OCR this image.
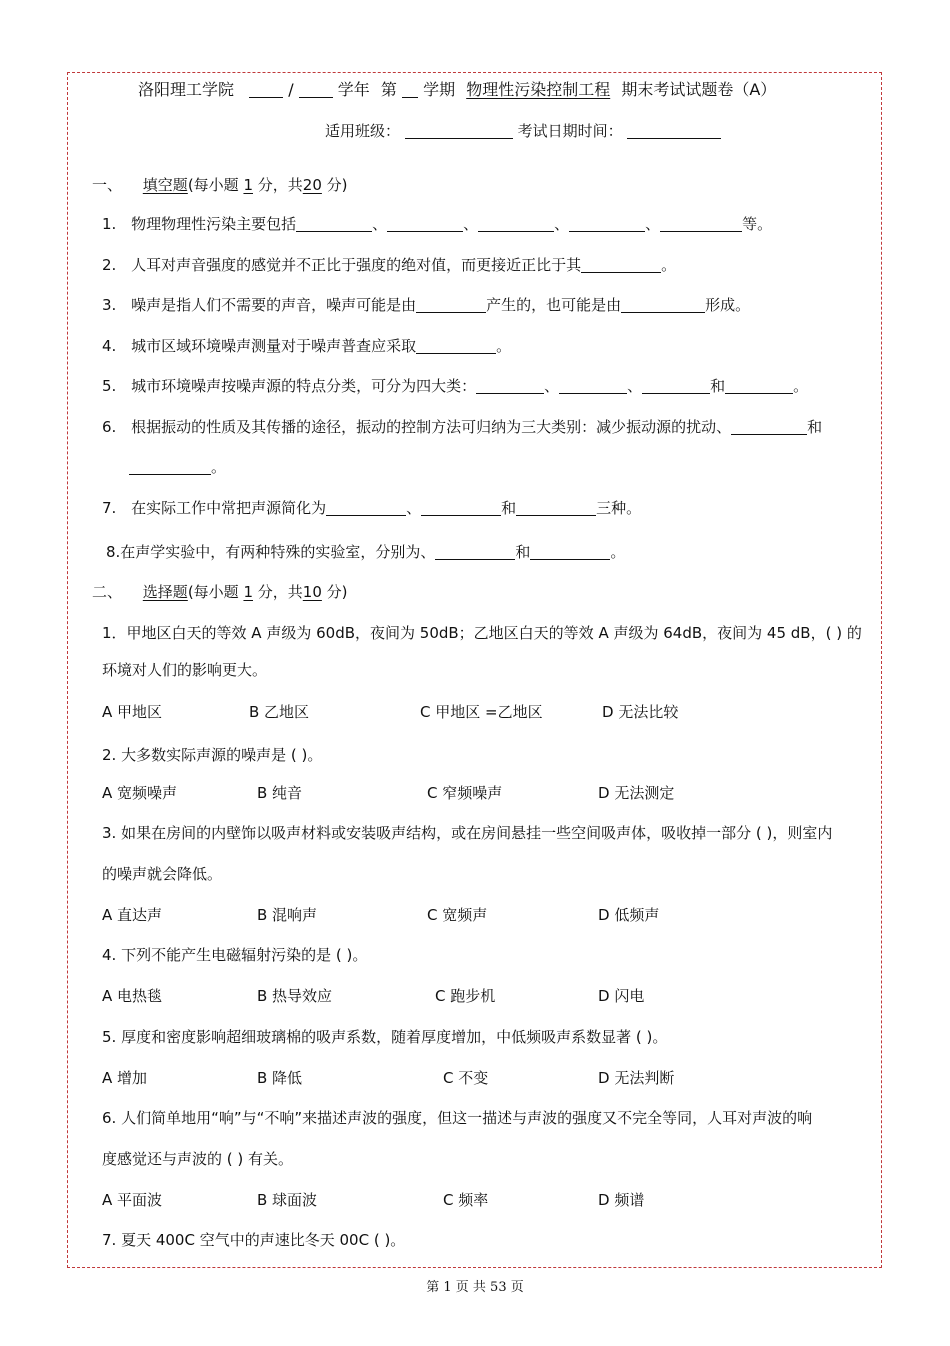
洛阳理工学院	/	学年 第 学期 物理性污染控制工程 期末考试试题卷（A）
适用班级：	考试日期时间：
一、 填空题(每小题 1 分，共20 分)
1. 物理物理性污染主要包括	、	、	、	、	等。
2. 人耳对声音强度的感觉并不正比于强度的绝对值，而更接近正比于其	。
3. 噪声是指人们不需要的声音，噪声可能是由	产生的，也可能是由	形成。
4. 城市区域环境噪声测量对于噪声普查应采取	。
5. 城市环境噪声按噪声源的特点分类，可分为四大类：	、	、	和	。
6. 根据振动的性质及其传播的途径，振动的控制方法可归纳为三大类别：减少振动源的扰动、	和
。
7. 在实际工作中常把声源简化为	、	和	三种。
8.在声学实验中，有两种特殊的实验室，分别为、	和	。
二、 选择题(每小题 1 分，共10 分)
1．甲地区白天的等效 A 声级为 60dB，夜间为 50dB；乙地区白天的等效 A 声级为 64dB，夜间为 45 dB，( ) 的
环境对人们的影响更大。
A 甲地区	B 乙地区	C 甲地区 =乙地区	D 无法比较
2. 大多数实际声源的噪声是 ( )。
A 宽频噪声	B 纯音	C 窄频噪声	D 无法测定
3. 如果在房间的内壁饰以吸声材料或安装吸声结构，或在房间悬挂一些空间吸声体，吸收掉一部分 ( )，则室内
的噪声就会降低。
A 直达声	B 混响声	C 宽频声	D 低频声
4. 下列不能产生电磁辐射污染的是 ( )。
A 电热毯	B 热导效应	C 跑步机	D 闪电
5. 厚度和密度影响超细玻璃棉的吸声系数，随着厚度增加，中低频吸声系数显著 ( )。
A 增加	B 降低	C 不变	D 无法判断
6. 人们简单地用“响”与“不响”来描述声波的强度，但这一描述与声波的强度又不完全等同，人耳对声波的响
度感觉还与声波的 ( ) 有关。
A 平面波	B 球面波	C 频率	D 频谱
7. 夏天 400C 空气中的声速比冬天 00C ( )。
第 1 页 共 53 页
